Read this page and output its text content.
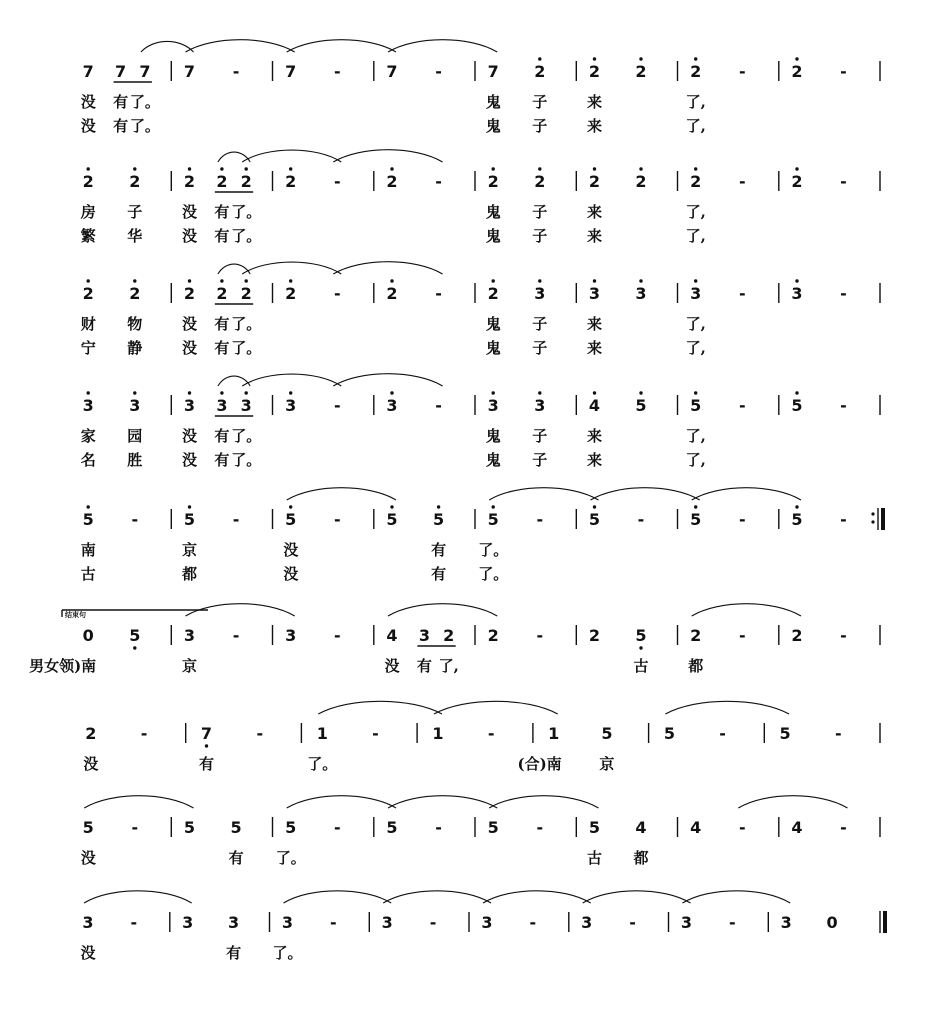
7 7 7 7 -	7 -	7 -	7 2	2 2	2 -	2 -
没 有 了。	鬼 子	来	了,
没 有 了。	鬼 子	来	了,
2 2	2 2 2 2 -	2 -	2 2	2 2	2 -	2 -
房 子	没 有 了。	鬼 子	来	了,
繁 华	没 有 了。	鬼 子	来	了,
2 2	2 2 2 2 -	2 -	2 3	3 3	3 -	3 -
财 物	没 有 了。	鬼 子	来	了,
宁 静	没 有 了。	鬼 子	来	了,
3 3	3 3 3 3 -	3 -	3 3	4 5	5 -	5 -
家 园	没 有 了。	鬼 子	来	了,
名 胜	没 有 了。	鬼 子	来	了,
5 -	5 -	5 -	5 5	5 -	5 -	5 -	5 -
南	京	没	有 了。
古	都	没	有 了。
0 5	3 -	3 -	4 3 2 2 -	2 5	2 -	2 -
男女领)南	京	没 有 了,	古	都
结束句
2	-	7	-	1	-	1	-	1	5	5	-	5	-
没	有	了。	(合)南	京
5 -	5 5	5 -	5 -	5 -	5 4	4 -	4 -
没	有 了。	古 都
3 -	3 3	3 -	3 -	3 -	3 -	3 -	3 0
没	有 了。
